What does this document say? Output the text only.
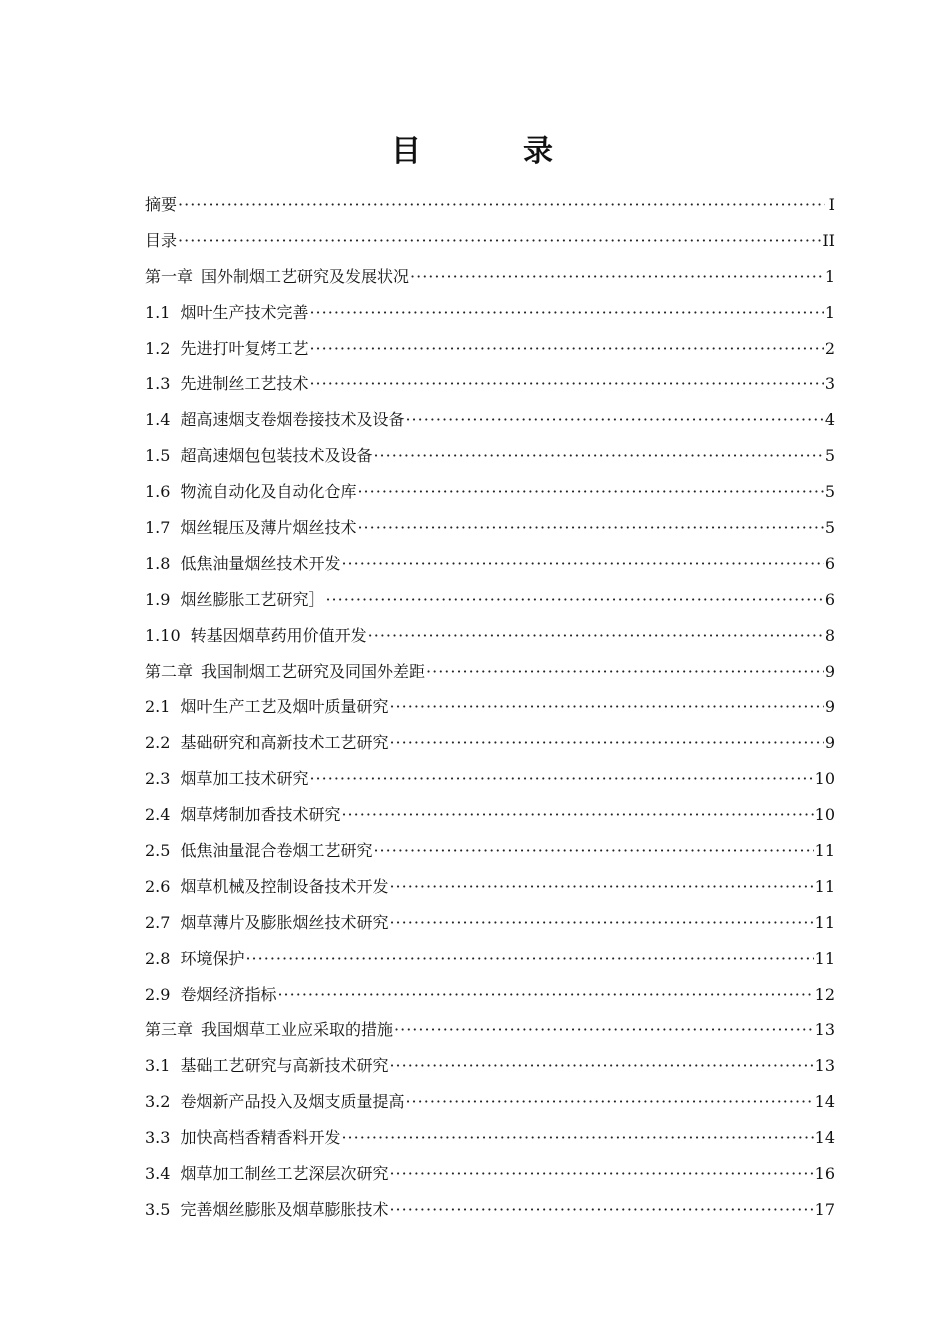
目　录
摘要 ·····	I
目录 ·····	II
第一章 国外制烟工艺研究及发展状况 ·····	1
1.1 烟叶生产技术完善 ·····	1
1.2 先进打叶复烤工艺 ·····	2
1.3 先进制丝工艺技术 ·····	3
1.4 超高速烟支卷烟卷接技术及设备 ·····	4
1.5 超高速烟包包装技术及设备 ·····	5
1.6 物流自动化及自动化仓库 ·····	5
1.7 烟丝辊压及薄片烟丝技术 ·····	5
1.8 低焦油量烟丝技术开发 ·····	6
1.9 烟丝膨胀工艺研究］ ·····	6
1.10 转基因烟草药用价值开发 ·····	8
第二章 我国制烟工艺研究及同国外差距 ·····	9
2.1 烟叶生产工艺及烟叶质量研究 ·····	9
2.2 基础研究和高新技术工艺研究 ·····	9
2.3 烟草加工技术研究 ·····	10
2.4 烟草烤制加香技术研究 ·····	10
2.5 低焦油量混合卷烟工艺研究 ·····	11
2.6 烟草机械及控制设备技术开发 ·····	11
2.7 烟草薄片及膨胀烟丝技术研究 ·····	11
2.8 环境保护 ·····	11
2.9 卷烟经济指标 ·····	12
第三章 我国烟草工业应采取的措施 ·····	13
3.1 基础工艺研究与高新技术研究 ·····	13
3.2 卷烟新产品投入及烟支质量提高 ·····	14
3.3 加快高档香精香料开发 ·····	14
3.4 烟草加工制丝工艺深层次研究 ·····	16
3.5 完善烟丝膨胀及烟草膨胀技术 ·····	17
